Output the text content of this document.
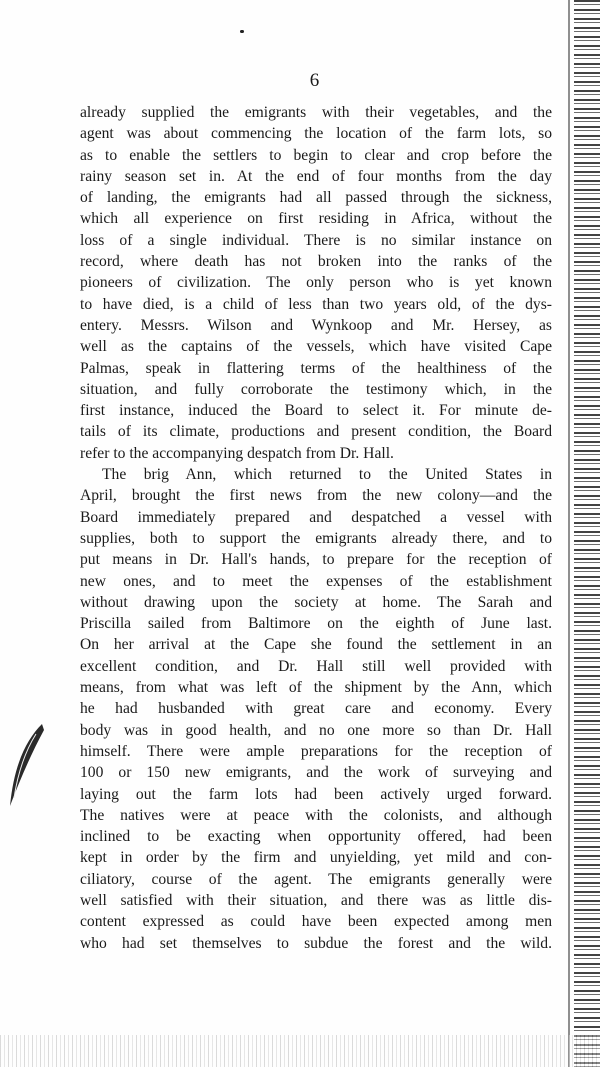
6
already supplied the emigrants with their vegetables, and the
agent was about commencing the location of the farm lots, so
as to enable the settlers to begin to clear and crop before the
rainy season set in. At the end of four months from the day
of landing, the emigrants had all passed through the sickness,
which all experience on first residing in Africa, without the
loss of a single individual. There is no similar instance on
record, where death has not broken into the ranks of the
pioneers of civilization. The only person who is yet known
to have died, is a child of less than two years old, of the dys-
entery. Messrs. Wilson and Wynkoop and Mr. Hersey, as
well as the captains of the vessels, which have visited Cape
Palmas, speak in flattering terms of the healthiness of the
situation, and fully corroborate the testimony which, in the
first instance, induced the Board to select it. For minute de-
tails of its climate, productions and present condition, the Board
refer to the accompanying despatch from Dr. Hall.
The brig Ann, which returned to the United States in
April, brought the first news from the new colony—and the
Board immediately prepared and despatched a vessel with
supplies, both to support the emigrants already there, and to
put means in Dr. Hall's hands, to prepare for the reception of
new ones, and to meet the expenses of the establishment
without drawing upon the society at home. The Sarah and
Priscilla sailed from Baltimore on the eighth of June last.
On her arrival at the Cape she found the settlement in an
excellent condition, and Dr. Hall still well provided with
means, from what was left of the shipment by the Ann, which
he had husbanded with great care and economy. Every
body was in good health, and no one more so than Dr. Hall
himself. There were ample preparations for the reception of
100 or 150 new emigrants, and the work of surveying and
laying out the farm lots had been actively urged forward.
The natives were at peace with the colonists, and although
inclined to be exacting when opportunity offered, had been
kept in order by the firm and unyielding, yet mild and con-
ciliatory, course of the agent. The emigrants generally were
well satisfied with their situation, and there was as little dis-
content expressed as could have been expected among men
who had set themselves to subdue the forest and the wild.
